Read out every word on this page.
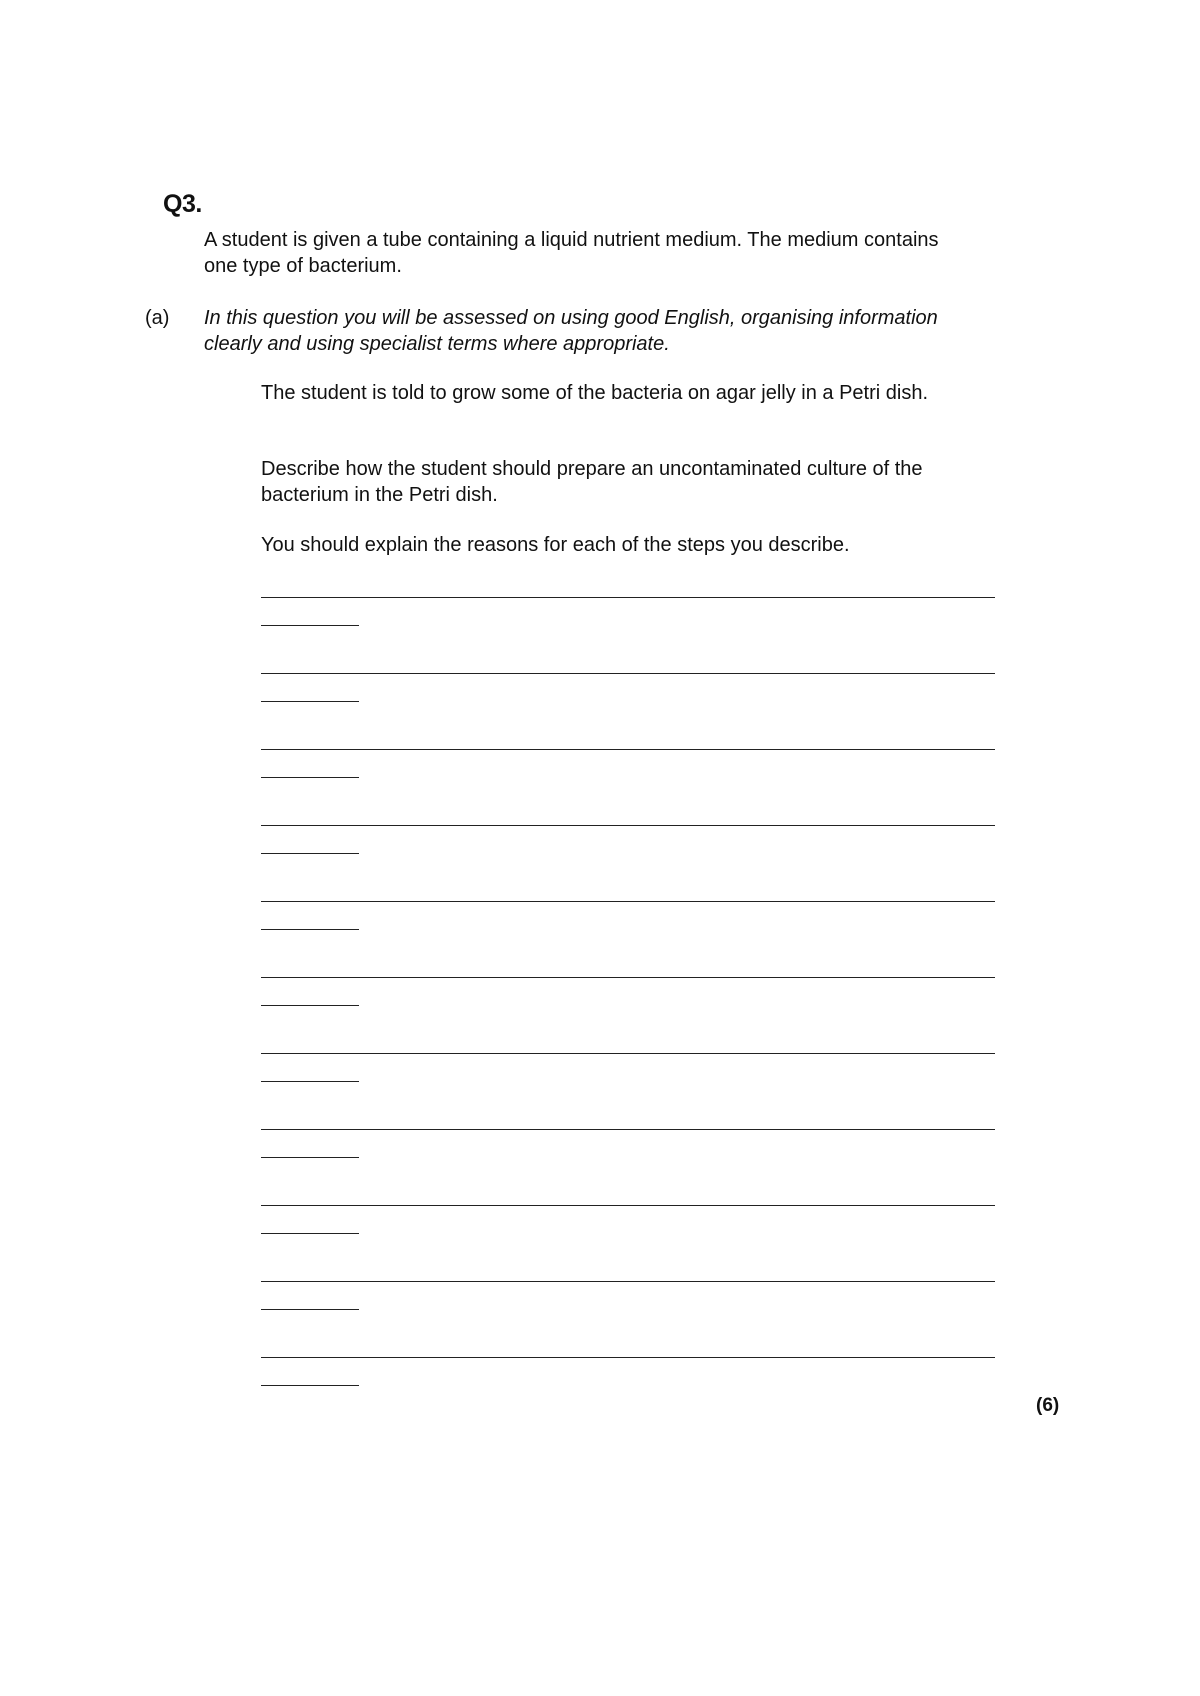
Q3.
A student is given a tube containing a liquid nutrient medium. The medium contains one type of bacterium.
(a) In this question you will be assessed on using good English, organising information clearly and using specialist terms where appropriate.
The student is told to grow some of the bacteria on agar jelly in a Petri dish.
Describe how the student should prepare an uncontaminated culture of the bacterium in the Petri dish.
You should explain the reasons for each of the steps you describe.
(6)
